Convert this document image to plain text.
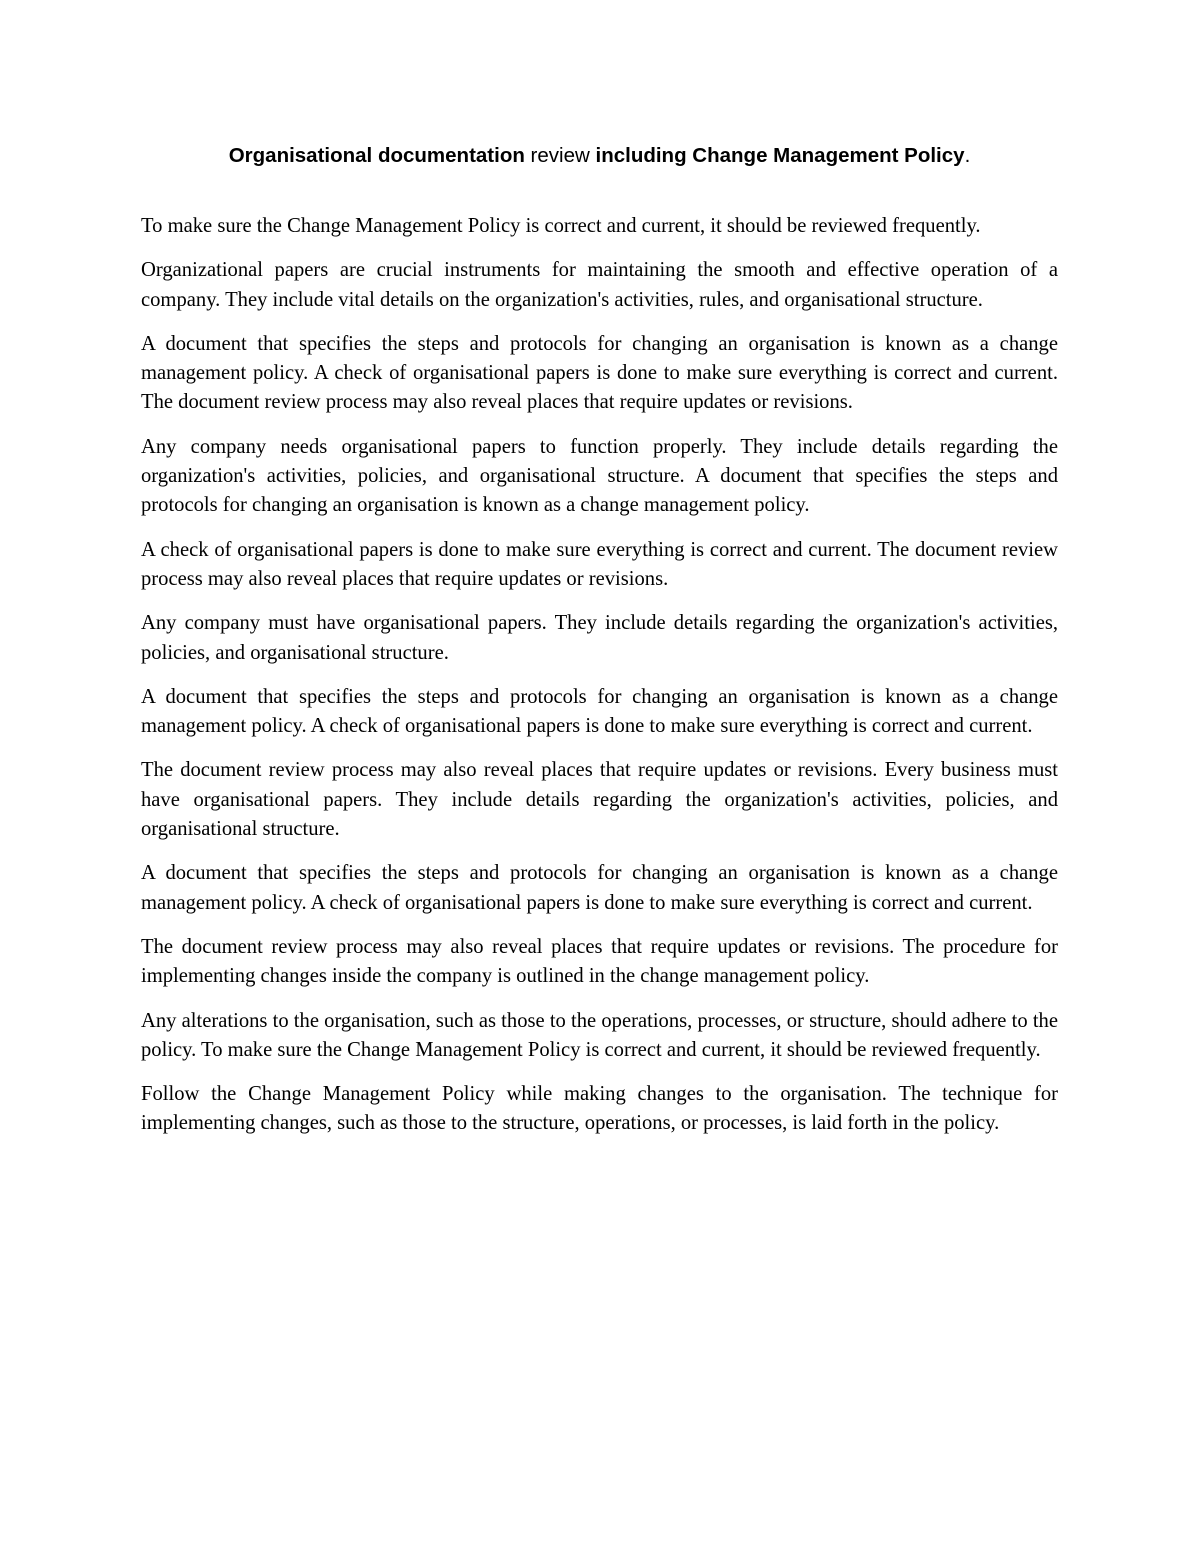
Organisational documentation review including Change Management Policy.

To make sure the Change Management Policy is correct and current, it should be reviewed frequently.

Organizational papers are crucial instruments for maintaining the smooth and effective operation of a company. They include vital details on the organization's activities, rules, and organisational structure.

A document that specifies the steps and protocols for changing an organisation is known as a change management policy. A check of organisational papers is done to make sure everything is correct and current. The document review process may also reveal places that require updates or revisions.

Any company needs organisational papers to function properly. They include details regarding the organization's activities, policies, and organisational structure. A document that specifies the steps and protocols for changing an organisation is known as a change management policy.

A check of organisational papers is done to make sure everything is correct and current. The document review process may also reveal places that require updates or revisions.

Any company must have organisational papers. They include details regarding the organization's activities, policies, and organisational structure.

A document that specifies the steps and protocols for changing an organisation is known as a change management policy. A check of organisational papers is done to make sure everything is correct and current.

The document review process may also reveal places that require updates or revisions. Every business must have organisational papers. They include details regarding the organization's activities, policies, and organisational structure.

A document that specifies the steps and protocols for changing an organisation is known as a change management policy. A check of organisational papers is done to make sure everything is correct and current.

The document review process may also reveal places that require updates or revisions. The procedure for implementing changes inside the company is outlined in the change management policy.

Any alterations to the organisation, such as those to the operations, processes, or structure, should adhere to the policy. To make sure the Change Management Policy is correct and current, it should be reviewed frequently.

Follow the Change Management Policy while making changes to the organisation. The technique for implementing changes, such as those to the structure, operations, or processes, is laid forth in the policy.
